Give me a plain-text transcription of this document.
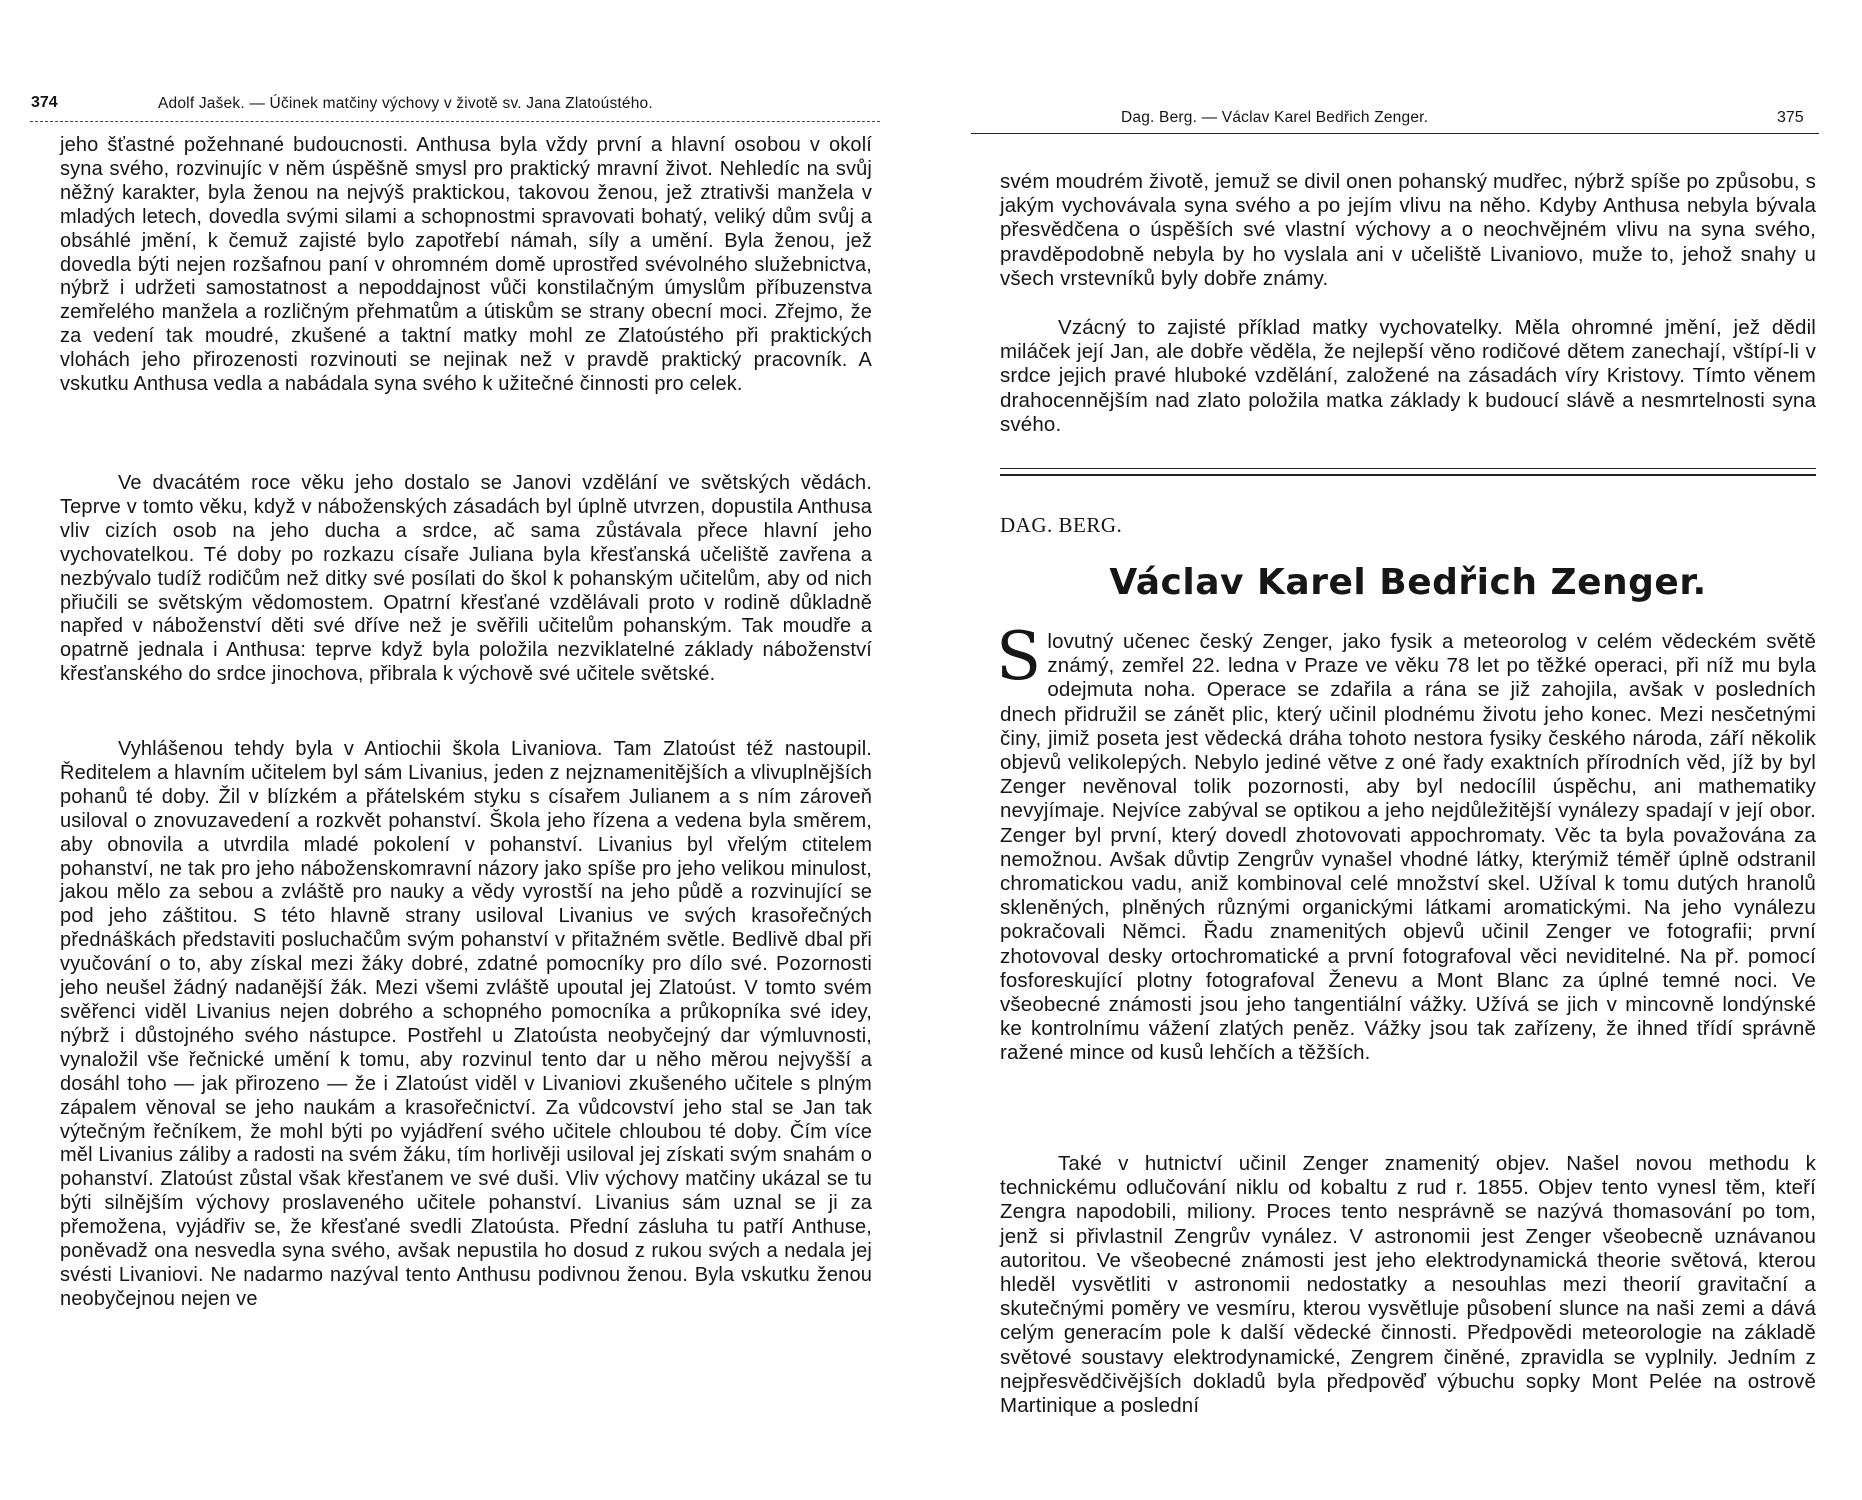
374	Adolf Jašek. — Účinek matčiny výchovy v životě sv. Jana Zlatoústého.

jeho šťastné požehnané budoucnosti. Anthusa byla vždy první a hlavní osobou v okolí syna svého, rozvinujíc v něm úspěšně smysl pro praktický mravní život. Nehledíc na svůj něžný karakter, byla ženou na nejvýš praktickou, takovou ženou, jež ztrativši manžela v mladých letech, dovedla svými silami a schopnostmi spravovati bohatý, veliký dům svůj a obsáhlé jmění, k čemuž zajisté bylo zapotřebí námah, síly a umění. Byla ženou, jež dovedla býti nejen rozšafnou paní v ohromném domě uprostřed svévolného služebnictva, nýbrž i udržeti samostatnost a nepoddajnost vůči konstilačným úmyslům příbuzenstva zemřelého manžela a rozličným přehmatům a útiskům se strany obecní moci. Zřejmo, že za vedení tak moudré, zkušené a taktní matky mohl ze Zlatoústého při praktických vlohách jeho přirozenosti rozvinouti se nejinak než v pravdě praktický pracovník. A vskutku Anthusa vedla a nabádala syna svého k užitečné činnosti pro celek.

Ve dvacátém roce věku jeho dostalo se Janovi vzdělání ve světských vědách. Teprve v tomto věku, když v náboženských zásadách byl úplně utvrzen, dopustila Anthusa vliv cizích osob na jeho ducha a srdce, ač sama zůstávala přece hlavní jeho vychovatelkou. Té doby po rozkazu císaře Juliana byla křesťanská učeliště zavřena a nezbývalo tudíž rodičům než ditky své posílati do škol k pohanským učitelům, aby od nich přiučili se světským vědomostem. Opatrní křesťané vzdělávali proto v rodině důkladně napřed v náboženství děti své dříve než je svěřili učitelům pohanským. Tak moudře a opatrně jednala i Anthusa: teprve když byla položila nezviklatelné základy náboženství křesťanského do srdce jinochova, přibrala k výchově své učitele světské.

Vyhlášenou tehdy byla v Antiochii škola Livaniova. Tam Zlatoúst též nastoupil. Ředitelem a hlavním učitelem byl sám Livanius, jeden z nejznamenitějších a vlivuplnějších pohanů té doby. Žil v blízkém a přátelském styku s císařem Julianem a s ním zároveň usiloval o znovuzavedení a rozkvět pohanství. Škola jeho řízena a vedena byla směrem, aby obnovila a utvrdila mladé pokolení v pohanství. Livanius byl vřelým ctitelem pohanství, ne tak pro jeho náboženskomravní názory jako spíše pro jeho velikou minulost, jakou mělo za sebou a zvláště pro nauky a vědy vyrostší na jeho půdě a rozvinující se pod jeho záštitou. S této hlavně strany usiloval Livanius ve svých krasořečných přednáškách představiti posluchačům svým pohanství v přitažném světle. Bedlivě dbal při vyučování o to, aby získal mezi žáky dobré, zdatné pomocníky pro dílo své. Pozornosti jeho neušel žádný nadanější žák. Mezi všemi zvláště upoutal jej Zlatoúst. V tomto svém svěřenci viděl Livanius nejen dobrého a schopného pomocníka a průkopníka své idey, nýbrž i důstojného svého nástupce. Postřehl u Zlatoústa neobyčejný dar výmluvnosti, vynaložil vše řečnické umění k tomu, aby rozvinul tento dar u něho měrou nejvyšší a dosáhl toho — jak přirozeno — že i Zlatoúst viděl v Livaniovi zkušeného učitele s plným zápalem věnoval se jeho naukám a krasořečnictví. Za vůdcovství jeho stal se Jan tak výtečným řečníkem, že mohl býti po vyjádření svého učitele chloubou té doby. Čím více měl Livanius záliby a radosti na svém žáku, tím horlivěji usiloval jej získati svým snahám o pohanství. Zlatoúst zůstal však křesťanem ve své duši. Vliv výchovy matčiny ukázal se tu býti silnějším výchovy proslaveného učitele pohanství. Livanius sám uznal se ji za přemožena, vyjádřiv se, že křesťané svedli Zlatoústa. Přední zásluha tu patří Anthuse, poněvadž ona nesvedla syna svého, avšak nepustila ho dosud z rukou svých a nedala jej svésti Livaniovi. Ne nadarmo nazýval tento Anthusu podivnou ženou. Byla vskutku ženou neobyčejnou nejen ve

Dag. Berg. — Václav Karel Bedřich Zenger.	375

svém moudrém životě, jemuž se divil onen pohanský mudřec, nýbrž spíše po způsobu, s jakým vychovávala syna svého a po jejím vlivu na něho. Kdyby Anthusa nebyla bývala přesvědčena o úspěších své vlastní výchovy a o neochvějném vlivu na syna svého, pravděpodobně nebyla by ho vyslala ani v učeliště Livaniovo, muže to, jehož snahy u všech vrstevníků byly dobře známy.

Vzácný to zajisté příklad matky vychovatelky. Měla ohromné jmění, jež dědil miláček její Jan, ale dobře věděla, že nejlepší věno rodičové dětem zanechají, vštípí-li v srdce jejich pravé hluboké vzdělání, založené na zásadách víry Kristovy. Tímto věnem drahocennějším nad zlato položila matka základy k budoucí slávě a nesmrtelnosti syna svého.

DAG. BERG.
Václav Karel Bedřich Zenger.

Slovutný učenec český Zenger, jako fysik a meteorolog v celém vědeckém světě známý, zemřel 22. ledna v Praze ve věku 78 let po těžké operaci, při níž mu byla odejmuta noha. Operace se zdařila a rána se již zahojila, avšak v posledních dnech přidružil se zánět plic, který učinil plodnému životu jeho konec. Mezi nesčetnými činy, jimiž poseta jest vědecká dráha tohoto nestora fysiky českého národa, září několik objevů velikolepých. Nebylo jediné větve z oné řady exaktních přírodních věd, jíž by byl Zenger nevěnoval tolik pozornosti, aby byl nedocílil úspěchu, ani mathematiky nevyjímaje. Nejvíce zabýval se optikou a jeho nejdůležitější vynálezy spadají v její obor. Zenger byl první, který dovedl zhotovovati appochromaty. Věc ta byla považována za nemožnou. Avšak důvtip Zengrův vynašel vhodné látky, kterýmiž téměř úplně odstranil chromatickou vadu, aniž kombinoval celé množství skel. Užíval k tomu dutých hranolů skleněných, plněných různými organickými látkami aromatickými. Na jeho vynálezu pokračovali Němci. Řadu znamenitých objevů učinil Zenger ve fotografii; první zhotovoval desky ortochromatické a první fotografoval věci neviditelné. Na př. pomocí fosforeskující plotny fotografoval Ženevu a Mont Blanc za úplné temné noci. Ve všeobecné známosti jsou jeho tangentiální vážky. Užívá se jich v mincovně londýnské ke kontrolnímu vážení zlatých peněz. Vážky jsou tak zařízeny, že ihned třídí správně ražené mince od kusů lehčích a těžších.

Také v hutnictví učinil Zenger znamenitý objev. Našel novou methodu k technickému odlučování niklu od kobaltu z rud r. 1855. Objev tento vynesl těm, kteří Zengra napodobili, miliony. Proces tento nesprávně se nazývá thomasování po tom, jenž si přivlastnil Zengrův vynález. V astronomii jest Zenger všeobecně uznávanou autoritou. Ve všeobecné známosti jest jeho elektrodynamická theorie světová, kterou hleděl vysvětliti v astronomii nedostatky a nesouhlas mezi theorií gravitační a skutečnými poměry ve vesmíru, kterou vysvětluje působení slunce na naši zemi a dává celým generacím pole k další vědecké činnosti. Předpovědi meteorologie na základě světové soustavy elektrodynamické, Zengrem činěné, zpravidla se vyplnily. Jedním z nejpřesvědčivějších dokladů byla předpověď výbuchu sopky Mont Pelée na ostrově Martinique a poslední
